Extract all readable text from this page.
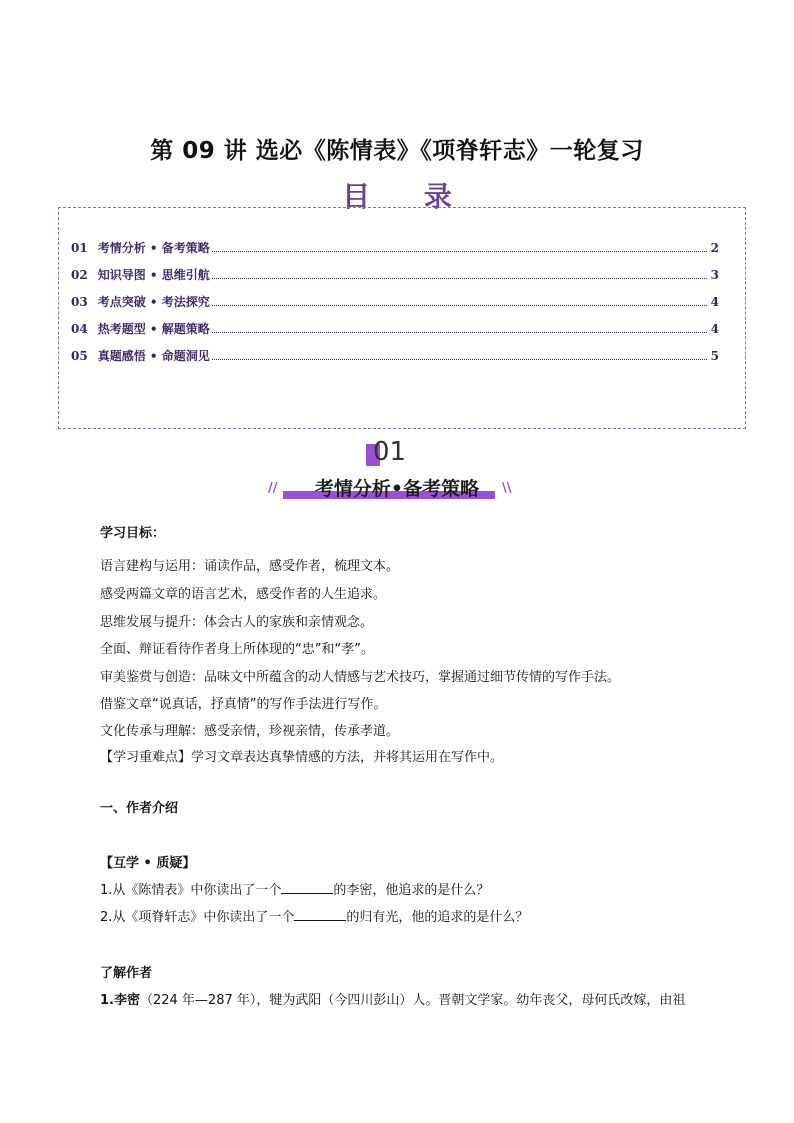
第 09 讲 选必《陈情表》《项脊轩志》一轮复习
目 录
01 考情分析 • 备考策略	2
02 知识导图 • 思维引航	3
03 考点突破 • 考法探究	4
04 热考题型 • 解题策略	4
05 真题感悟 • 命题洞见	5
01
//	考情分析•备考策略	\\
学习目标：
语言建构与运用：诵读作品，感受作者，梳理文本。
感受两篇文章的语言艺术，感受作者的人生追求。
思维发展与提升：体会古人的家族和亲情观念。
全面、辩证看待作者身上所体现的“忠”和“孝”。
审美鉴赏与创造：品味文中所蕴含的动人情感与艺术技巧，掌握通过细节传情的写作手法。
借鉴文章“说真话，抒真情”的写作手法进行写作。
文化传承与理解：感受亲情，珍视亲情，传承孝道。
【学习重难点】学习文章表达真挚情感的方法，并将其运用在写作中。
一、作者介绍
【互学 • 质疑】
1.从《陈情表》中你读出了一个	的李密，他追求的是什么？
2.从《项脊轩志》中你读出了一个	的归有光，他的追求的是什么？
了解作者
1.李密（224 年—287 年），犍为武阳（今四川彭山）人。晋朝文学家。幼年丧父，母何氏改嫁，由祖
